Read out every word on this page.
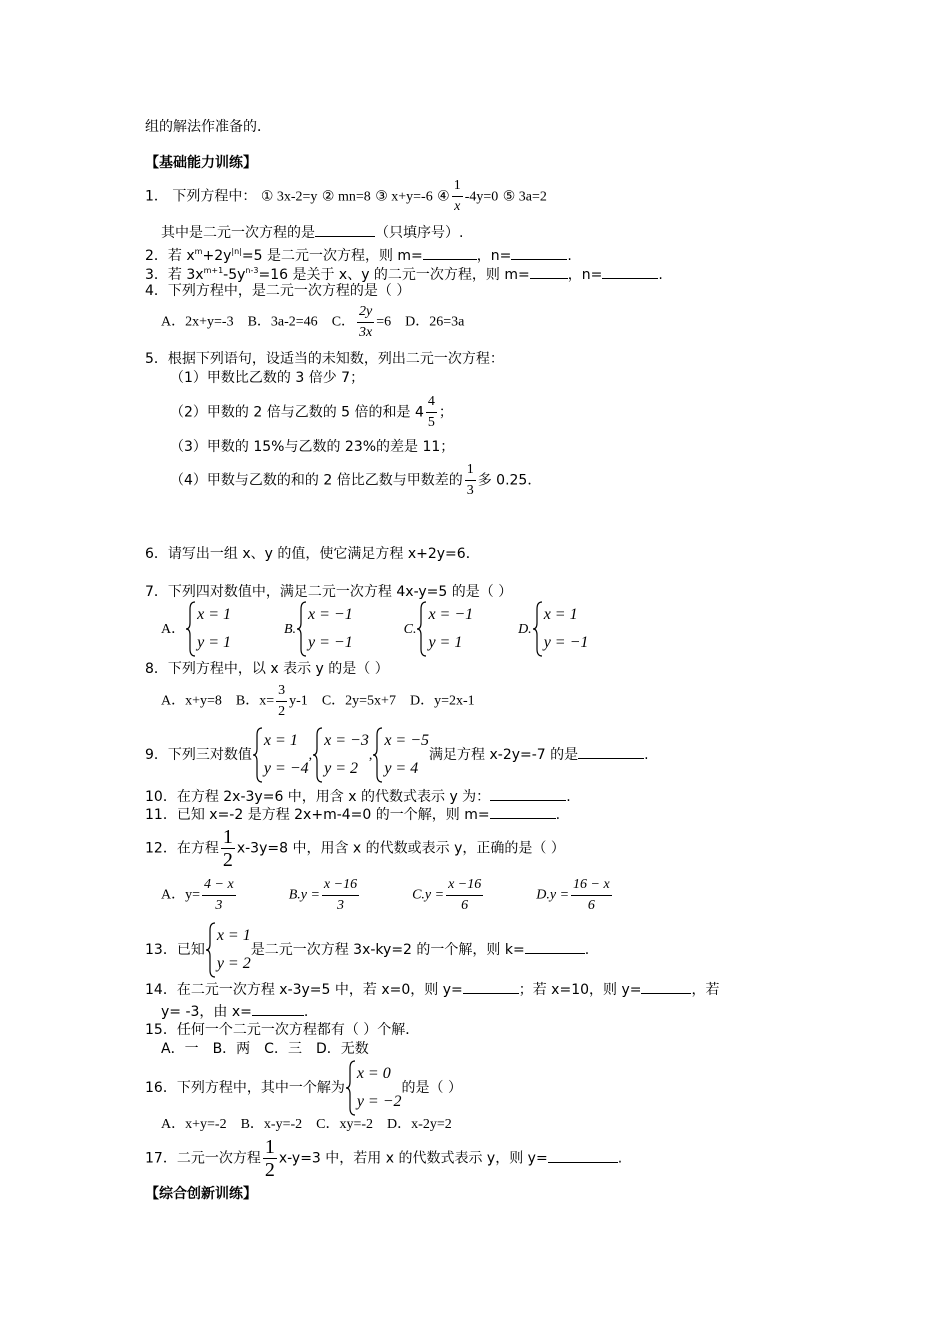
组的解法作准备的．
【基础能力训练】
1． 下列方程中： ① 3x-2=y ② mn=8 ③ x+y=-6 ④ $\frac{1}{x} -4y=0$ ⑤ 3a=2
其中是二元一次方程的是	（只填序号）.
2．若 $x^m+2y^{|n|}=5$ 是二元一次方程，则 m=	，n=	.
3．若 $3x^{m+1}-5y^{n-3}=16$ 是关于 x、y 的二元一次方程，则 m=	，n=	.
4．下列方程中，是二元一次方程的是（ ）
A．2x+y=-3 B．3a-2=46 C． $\frac{2y}{3x} =6$ D．26=3a
5．根据下列语句，设适当的未知数，列出二元一次方程：
（1）甲数比乙数的 3 倍少 7；
（2）甲数的 2 倍与乙数的 5 倍的和是 $4 \frac{4}{5}$ ；
（3）甲数的 15%与乙数的 23%的差是 11；
（4）甲数与乙数的和的 2 倍比乙数与甲数差的 $\frac{1}{3}$ 多 0.25．
6．请写出一组 x、y 的值，使它满足方程 x+2y=6．
7．下列四对数值中，满足二元一次方程 4x-y=5 的是（ ）
A．
x = 1
y = 1
B.
x = −1
y = −1
C.
x = −1
y = 1
D.
x = 1
y = −1
8．下列方程中，以 x 表示 y 的是（ ）
A．x+y=8 B．$x= \frac{3}{2} y-1$ C．2y=5x+7 D．y=2x-1
9．下列三对数值
x = 1
y = −4
,
x = −3
y = 2
,
x = −5
y = 4
满足方程 x-2y=-7 的是	.
10．在方程 2x-3y=6 中，用含 x 的代数式表示 y 为：	.
11．已知 x=-2 是方程 2x+m-4=0 的一个解，则 m=	.
12．在方程 $\frac{1}{2} x-3y=8$ 中，用含 x 的代数或表示 y，正确的是（ ）
A．$y= \frac{4 - x}{3}$	$B.y = \frac{x -16}{3}$	$C.y = \frac{x -16}{6}$	$D.y = \frac{16 - x}{6}$
13．已知
x = 1
y = 2
是二元一次方程 3x-ky=2 的一个解，则 k=	.
14．在二元一次方程 x-3y=5 中，若 x=0，则 y=	；若 x=10，则 y=	，若
y= -3，由 x=	.
15．任何一个二元一次方程都有（ ）个解．
A．一　B．两　C．三　D．无数
16．下列方程中，其中一个解为
x = 0
y = −2
的是（ ）
A．x+y=-2 B．x-y=-2 C．xy=-2 D．x-2y=2
17．二元一次方程 $\frac{1}{2} x-y=3$ 中，若用 x 的代数式表示 y，则 y=	.
【综合创新训练】
